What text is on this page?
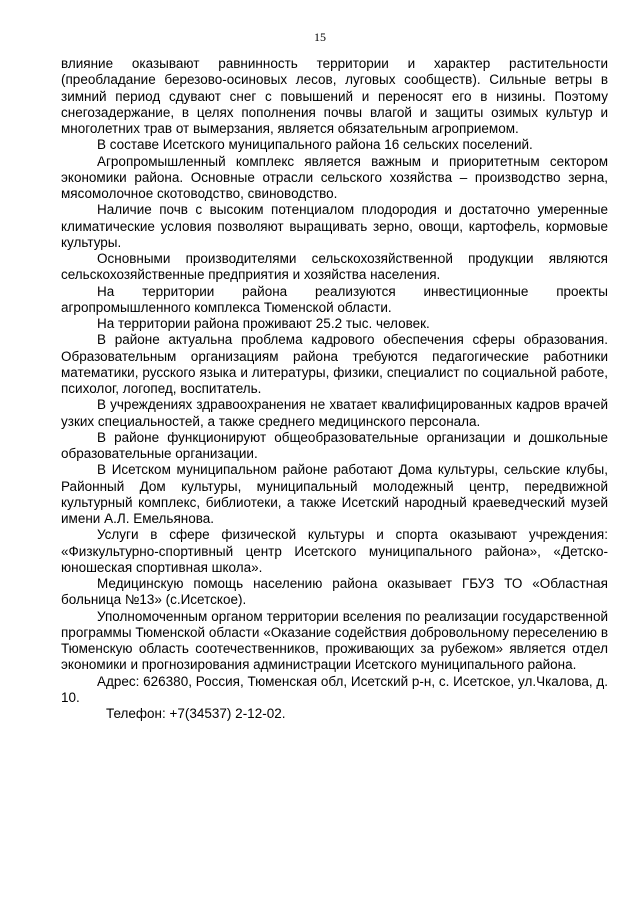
15

влияние оказывают равнинность территории и характер растительности (преобладание березово-осиновых лесов, луговых сообществ). Сильные ветры в зимний период сдувают снег с повышений и переносят его в низины. Поэтому снегозадержание, в целях пополнения почвы влагой и защиты озимых культур и многолетних трав от вымерзания, является обязательным агроприемом.

В составе Исетского муниципального района 16 сельских поселений.

Агропромышленный комплекс является важным и приоритетным сектором экономики района. Основные отрасли сельского хозяйства – производство зерна, мясомолочное скотоводство, свиноводство.

Наличие почв с высоким потенциалом плодородия и достаточно умеренные климатические условия позволяют выращивать зерно, овощи, картофель, кормовые культуры.

Основными производителями сельскохозяйственной продукции являются сельскохозяйственные предприятия и хозяйства населения.

На территории района реализуются инвестиционные проекты агропромышленного комплекса Тюменской области.

На территории района проживают 25.2 тыс. человек.

В районе актуальна проблема кадрового обеспечения сферы образования. Образовательным организациям района требуются педагогические работники математики, русского языка и литературы, физики, специалист по социальной работе, психолог, логопед, воспитатель.

В учреждениях здравоохранения не хватает квалифицированных кадров врачей узких специальностей, а также среднего медицинского персонала.

В районе функционируют общеобразовательные организации и дошкольные образовательные организации.

В Исетском муниципальном районе работают Дома культуры, сельские клубы, Районный Дом культуры, муниципальный молодежный центр, передвижной культурный комплекс, библиотеки, а также Исетский народный краеведческий музей имени А.Л. Емельянова.

Услуги в сфере физической культуры и спорта оказывают учреждения: «Физкультурно-спортивный центр Исетского муниципального района», «Детско-юношеская спортивная школа».

Медицинскую помощь населению района оказывает ГБУЗ ТО «Областная больница №13» (с.Исетское).

Уполномоченным органом территории вселения по реализации государственной программы Тюменской области «Оказание содействия добровольному переселению в Тюменскую область соотечественников, проживающих за рубежом» является отдел экономики и прогнозирования администрации Исетского муниципального района.

Адрес: 626380, Россия, Тюменская обл, Исетский р-н, с. Исетское, ул.Чкалова, д. 10.

Телефон: +7(34537) 2-12-02.
